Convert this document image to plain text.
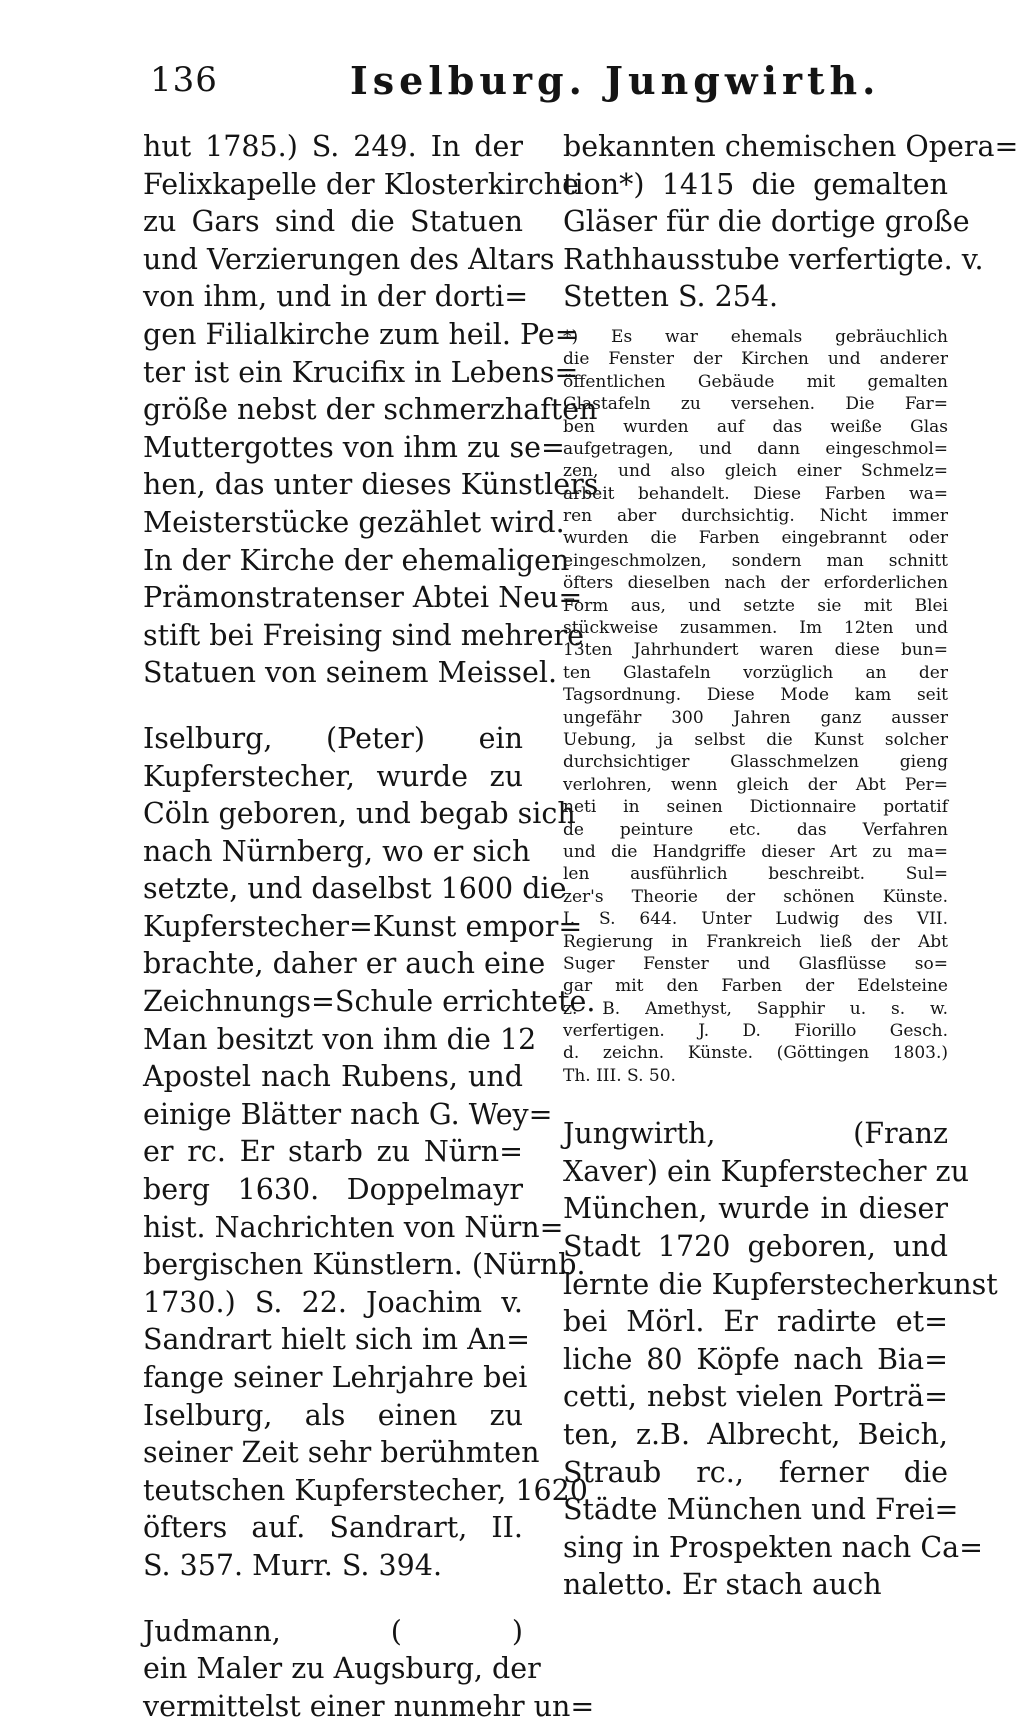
136	Iselburg. Jungwirth.
hut 1785.) S. 249. In der
Felixkapelle der Klosterkirche
zu Gars sind die Statuen
und Verzierungen des Altars
von ihm, und in der dorti=
gen Filialkirche zum heil. Pe=
ter ist ein Krucifix in Lebens=
größe nebst der schmerzhaften
Muttergottes von ihm zu se=
hen, das unter dieses Künstlers
Meisterstücke gezählet wird.
In der Kirche der ehemaligen
Prämonstratenser Abtei Neu=
stift bei Freising sind mehrere
Statuen von seinem Meissel.
Iselburg, (Peter) ein
Kupferstecher, wurde zu
Cöln geboren, und begab sich
nach Nürnberg, wo er sich
setzte, und daselbst 1600 die
Kupferstecher=Kunst empor=
brachte, daher er auch eine
Zeichnungs=Schule errichtete.
Man besitzt von ihm die 12
Apostel nach Rubens, und
einige Blätter nach G. Wey=
er rc. Er starb zu Nürn=
berg 1630. Doppelmayr
hist. Nachrichten von Nürn=
bergischen Künstlern. (Nürnb.
1730.) S. 22. Joachim v.
Sandrart hielt sich im An=
fange seiner Lehrjahre bei
Iselburg, als einen zu
seiner Zeit sehr berühmten
teutschen Kupferstecher, 1620
öfters auf. Sandrart, II.
S. 357. Murr. S. 394.
Judmann, ( )
ein Maler zu Augsburg, der
vermittelst einer nunmehr un=
bekannten chemischen Opera=
tion*) 1415 die gemalten
Gläser für die dortige große
Rathhausstube verfertigte. v.
Stetten S. 254.
*) Es war ehemals gebräuchlich
die Fenster der Kirchen und anderer
öffentlichen Gebäude mit gemalten
Glastafeln zu versehen. Die Far=
ben wurden auf das weiße Glas
aufgetragen, und dann eingeschmol=
zen, und also gleich einer Schmelz=
arbeit behandelt. Diese Farben wa=
ren aber durchsichtig. Nicht immer
wurden die Farben eingebrannt oder
eingeschmolzen, sondern man schnitt
öfters dieselben nach der erforderlichen
Form aus, und setzte sie mit Blei
stückweise zusammen. Im 12ten und
13ten Jahrhundert waren diese bun=
ten Glastafeln vorzüglich an der
Tagsordnung. Diese Mode kam seit
ungefähr 300 Jahren ganz ausser
Uebung, ja selbst die Kunst solcher
durchsichtiger Glasschmelzen gieng
verlohren, wenn gleich der Abt Per=
neti in seinen Dictionnaire portatif
de peinture etc. das Verfahren
und die Handgriffe dieser Art zu ma=
len ausführlich beschreibt. Sul=
zer's Theorie der schönen Künste.
I. S. 644. Unter Ludwig des VII.
Regierung in Frankreich ließ der Abt
Suger Fenster und Glasflüsse so=
gar mit den Farben der Edelsteine
z. B. Amethyst, Sapphir u. s. w.
verfertigen. J. D. Fiorillo Gesch.
d. zeichn. Künste. (Göttingen 1803.)
Th. III. S. 50.
Jungwirth, (Franz
Xaver) ein Kupferstecher zu
München, wurde in dieser
Stadt 1720 geboren, und
lernte die Kupferstecherkunst
bei Mörl. Er radirte et=
liche 80 Köpfe nach Bia=
cetti, nebst vielen Porträ=
ten, z.B. Albrecht, Beich,
Straub rc., ferner die
Städte München und Frei=
sing in Prospekten nach Ca=
naletto. Er stach auch
